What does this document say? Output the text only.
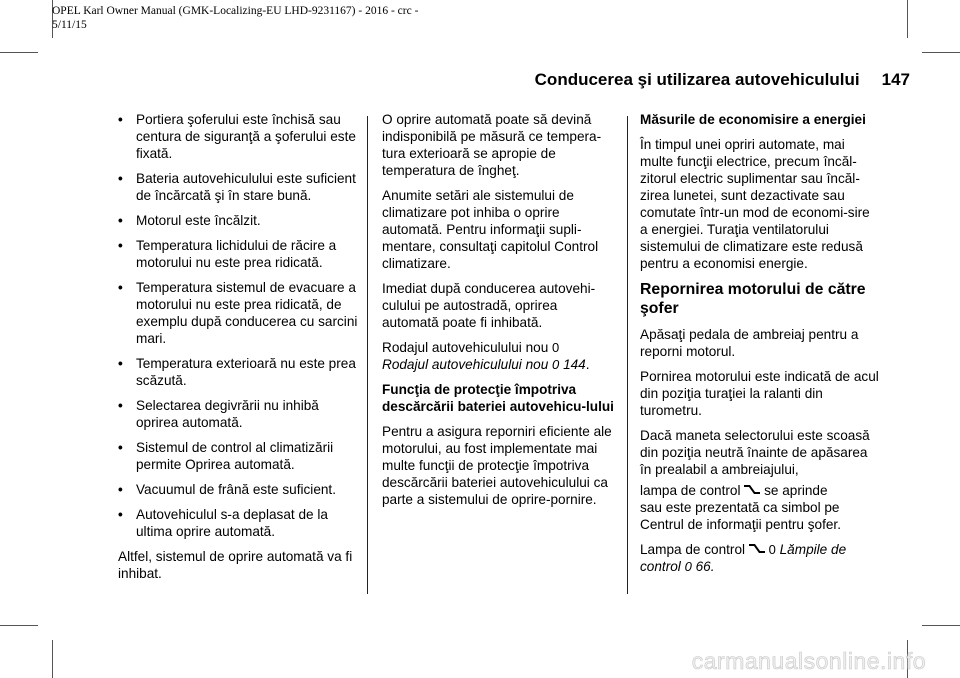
OPEL Karl Owner Manual (GMK-Localizing-EU LHD-9231167) - 2016 - crc -
5/11/15
Conducerea şi utilizarea autovehiculului 147
• Portiera şoferului este închisă sau centura de siguranţă a şoferului este fixată.
• Bateria autovehiculului este suficient de încărcată şi în stare bună.
• Motorul este încălzit.
• Temperatura lichidului de răcire a motorului nu este prea ridicată.
• Temperatura sistemul de evacuare a motorului nu este prea ridicată, de exemplu după conducerea cu sarcini mari.
• Temperatura exterioară nu este prea scăzută.
• Selectarea degivrării nu inhibă oprirea automată.
• Sistemul de control al climatizării permite Oprirea automată.
• Vacuumul de frână este suficient.
• Autovehiculul s-a deplasat de la ultima oprire automată.

Altfel, sistemul de oprire automată va fi inhibat.

O oprire automată poate să devină indisponibilă pe măsură ce tempera-tura exterioară se apropie de temperatura de îngheţ.

Anumite setări ale sistemului de climatizare pot inhiba o oprire automată. Pentru informaţii supli-mentare, consultaţi capitolul Control climatizare.

Imediat după conducerea autovehi-culului pe autostradă, oprirea automată poate fi inhibată.

Rodajul autovehiculului nou 0
Rodajul autovehiculului nou 0 144.

Funcţia de protecţie împotriva descărcării bateriei autovehicu-lului

Pentru a asigura reporniri eficiente ale motorului, au fost implementate mai multe funcţii de protecţie împotriva descărcării bateriei autovehiculului ca parte a sistemului de oprire-pornire.

Măsurile de economisire a energiei

În timpul unei opriri automate, mai multe funcţii electrice, precum încăl-zitorul electric suplimentar sau încăl-zirea lunetei, sunt dezactivate sau comutate într-un mod de economi-sire a energiei. Turaţia ventilatorului sistemului de climatizare este redusă pentru a economisi energie.

Repornirea motorului de către şofer

Apăsaţi pedala de ambreiaj pentru a reporni motorul.

Pornirea motorului este indicată de acul din poziţia turaţiei la ralanti din turometru.

Dacă maneta selectorului este scoasă din poziţia neutră înainte de apăsarea în prealabil a ambreiajului,

lampa de control se aprinde
sau este prezentată ca simbol pe Centrul de informaţii pentru şofer.

Lampa de control 0 Lămpile de control 0 66.

carmanualsonline.info
